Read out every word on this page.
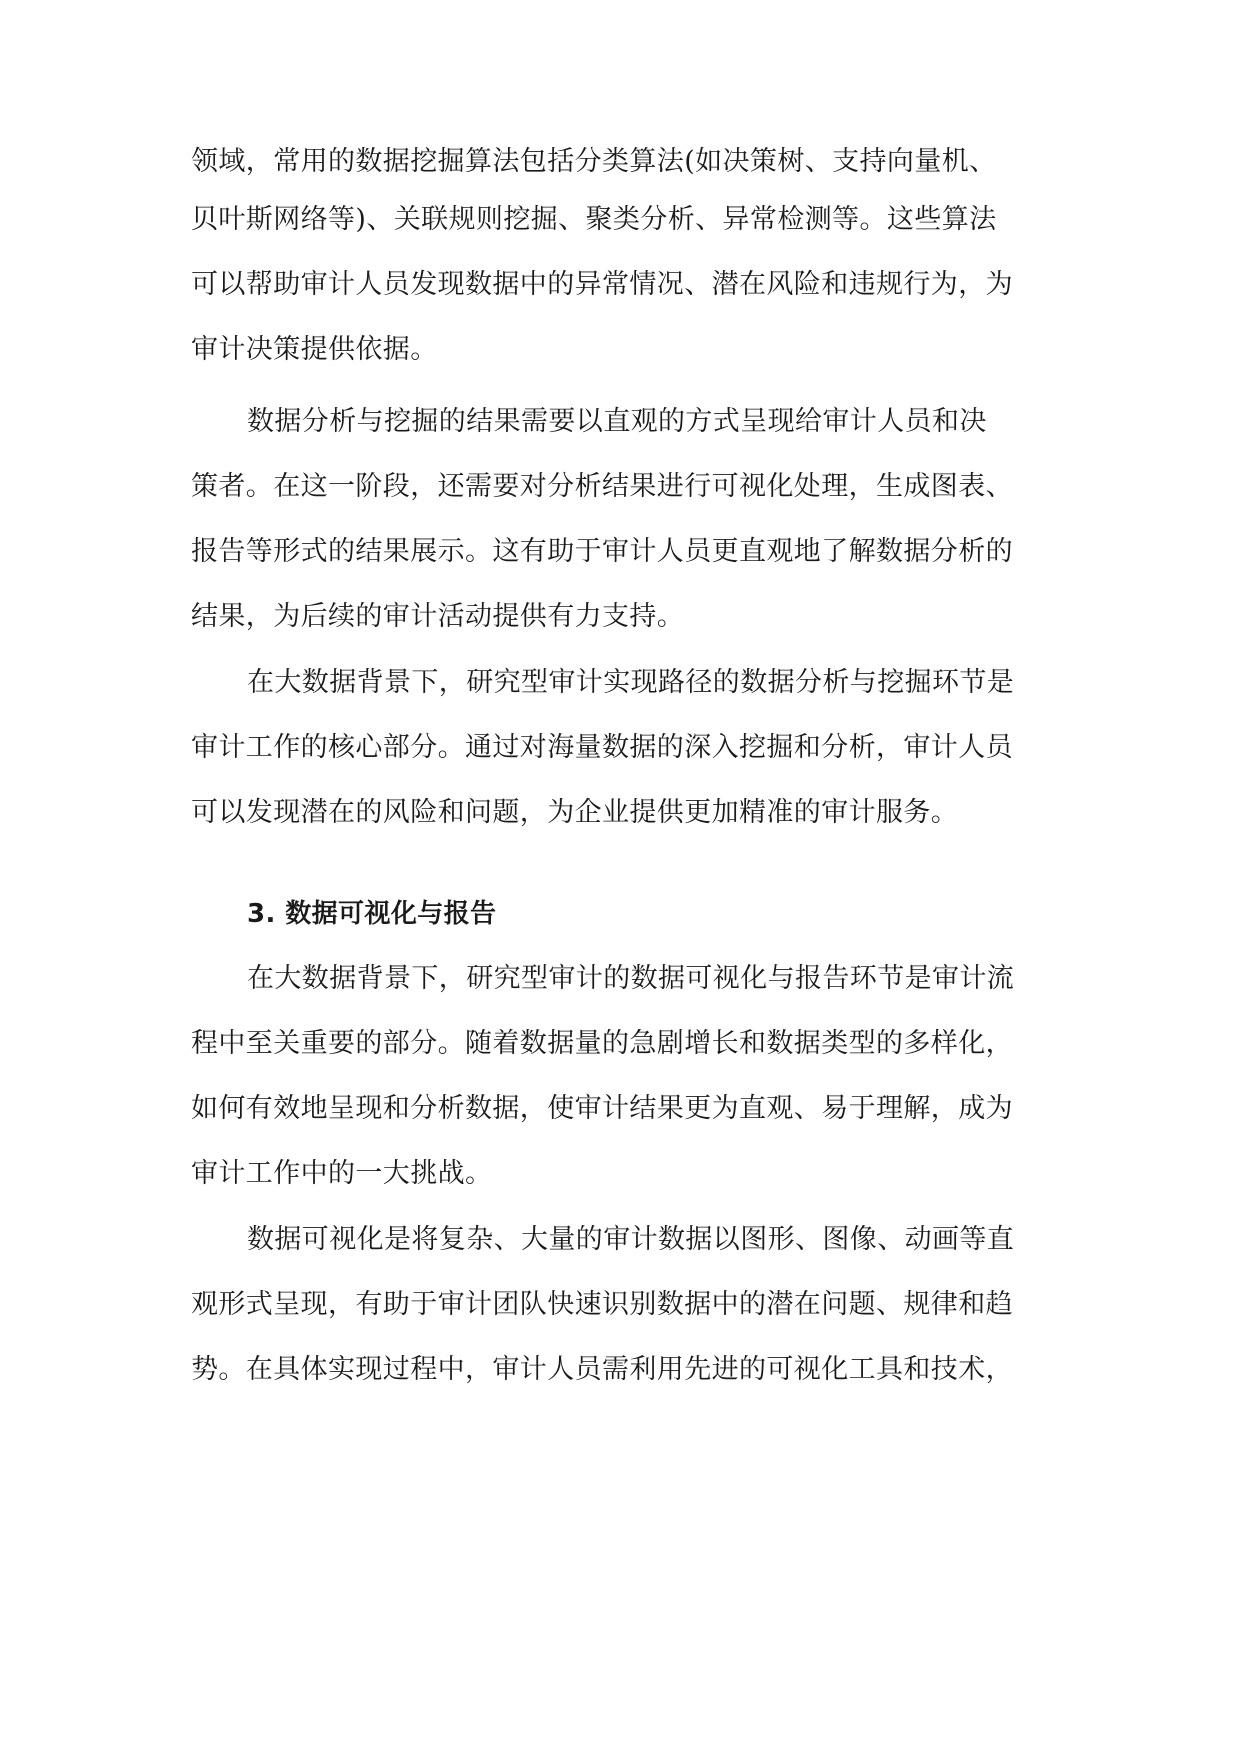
领域，常用的数据挖掘算法包括分类算法(如决策树、支持向量机、
贝叶斯网络等)、关联规则挖掘、聚类分析、异常检测等。这些算法
可以帮助审计人员发现数据中的异常情况、潜在风险和违规行为，为
审计决策提供依据。
数据分析与挖掘的结果需要以直观的方式呈现给审计人员和决
策者。在这一阶段，还需要对分析结果进行可视化处理，生成图表、
报告等形式的结果展示。这有助于审计人员更直观地了解数据分析的
结果，为后续的审计活动提供有力支持。
在大数据背景下，研究型审计实现路径的数据分析与挖掘环节是
审计工作的核心部分。通过对海量数据的深入挖掘和分析，审计人员
可以发现潜在的风险和问题，为企业提供更加精准的审计服务。
3. 数据可视化与报告
在大数据背景下，研究型审计的数据可视化与报告环节是审计流
程中至关重要的部分。随着数据量的急剧增长和数据类型的多样化，
如何有效地呈现和分析数据，使审计结果更为直观、易于理解，成为
审计工作中的一大挑战。
数据可视化是将复杂、大量的审计数据以图形、图像、动画等直
观形式呈现，有助于审计团队快速识别数据中的潜在问题、规律和趋
势。在具体实现过程中，审计人员需利用先进的可视化工具和技术，
